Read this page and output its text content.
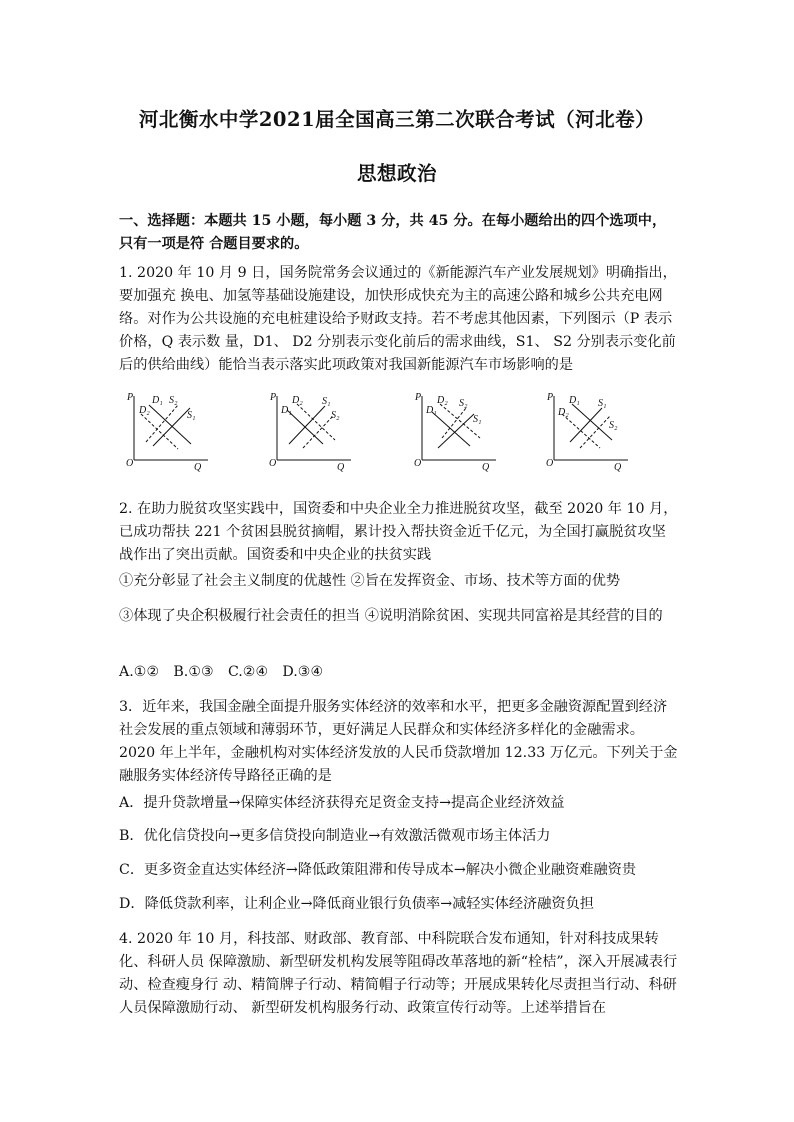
河北衡水中学2021届全国高三第二次联合考试（河北卷）
思想政治

一、选择题：本题共 15 小题，每小题 3 分，共 45 分。在每小题给出的四个选项中，只有一项是符 合题目要求的。

1. 2020 年 10 月 9 日，国务院常务会议通过的《新能源汽车产业发展规划》明确指出，要加强充 换电、加氢等基础设施建设，加快形成快充为主的高速公路和城乡公共充电网络。对作为公共设施的充电桩建设给予财政支持。若不考虑其他因素，下列图示（P 表示价格，Q 表示数 量，D1、 D2 分别表示变化前后的需求曲线，S1、 S2 分别表示变化前后的供给曲线）能恰当表示落实此项政策对我国新能源汽车市场影响的是

P
O	Q
D₁ S₂
D₂	S₁
P
O	Q
D₂
D₁
S₁
S₂
P
O	Q
D₂
D₁
S₂
S₁
P
O	Q
D₁
D₂
S₁
S₂

2. 在助力脱贫攻坚实践中，国资委和中央企业全力推进脱贫攻坚，截至 2020 年 10 月，已成功帮扶 221 个贫困县脱贫摘帽，累计投入帮扶资金近千亿元，为全国打赢脱贫攻坚战作出了突出贡献。国资委和中央企业的扶贫实践

①充分彰显了社会主义制度的优越性 ②旨在发挥资金、市场、技术等方面的优势

③体现了央企积极履行社会责任的担当 ④说明消除贫困、实现共同富裕是其经营的目的

A.①②　B.①③　C.②④　D.③④

3．近年来，我国金融全面提升服务实体经济的效率和水平，把更多金融资源配置到经济社会发展的重点领域和薄弱环节，更好满足人民群众和实体经济多样化的金融需求。2020 年上半年，金融机构对实体经济发放的人民币贷款增加 12.33 万亿元。下列关于金融服务实体经济传导路径正确的是

A．提升贷款增量→保障实体经济获得充足资金支持→提高企业经济效益

B．优化信贷投向→更多信贷投向制造业→有效激活微观市场主体活力

C．更多资金直达实体经济→降低政策阻滞和传导成本→解决小微企业融资难融资贵

D．降低贷款利率，让利企业→降低商业银行负债率→减轻实体经济融资负担

4. 2020 年 10 月，科技部、财政部、教育部、中科院联合发布通知，针对科技成果转化、科研人员 保障激励、新型研发机构发展等阻碍改革落地的新“栓桔”，深入开展减表行动、检查瘦身行 动、精简牌子行动、精简帽子行动等；开展成果转化尽责担当行动、科研人员保障激励行动、 新型研发机构服务行动、政策宣传行动等。上述举措旨在
